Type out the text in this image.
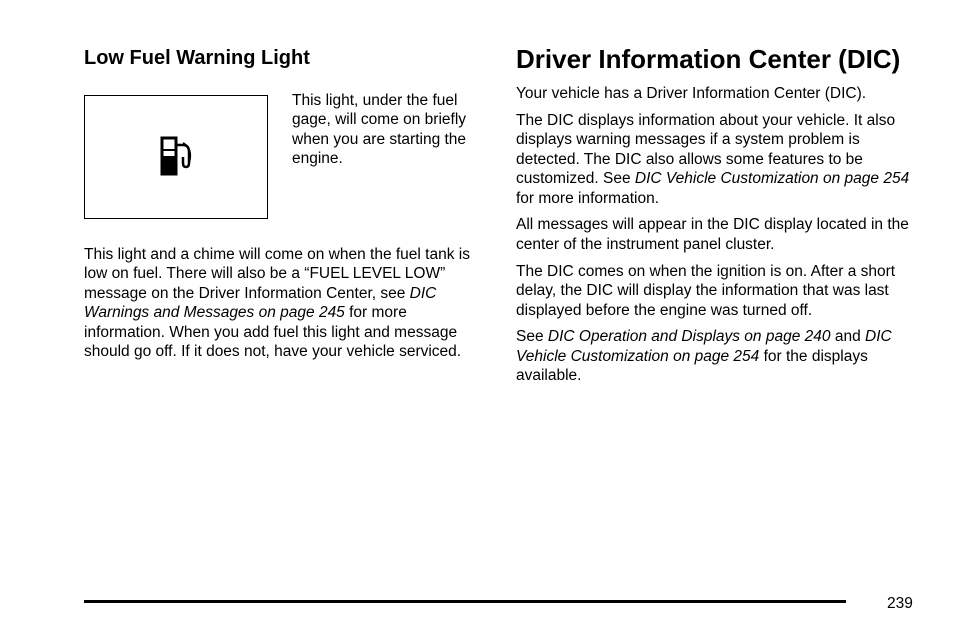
Low Fuel Warning Light

This light, under the fuel gage, will come on briefly when you are starting the engine.

This light and a chime will come on when the fuel tank is low on fuel. There will also be a “FUEL LEVEL LOW” message on the Driver Information Center, see DIC Warnings and Messages on page 245 for more information. When you add fuel this light and message should go off. If it does not, have your vehicle serviced.

Driver Information Center (DIC)

Your vehicle has a Driver Information Center (DIC).

The DIC displays information about your vehicle. It also displays warning messages if a system problem is detected. The DIC also allows some features to be customized. See DIC Vehicle Customization on page 254 for more information.

All messages will appear in the DIC display located in the center of the instrument panel cluster.

The DIC comes on when the ignition is on. After a short delay, the DIC will display the information that was last displayed before the engine was turned off.

See DIC Operation and Displays on page 240 and DIC Vehicle Customization on page 254 for the displays available.

239
